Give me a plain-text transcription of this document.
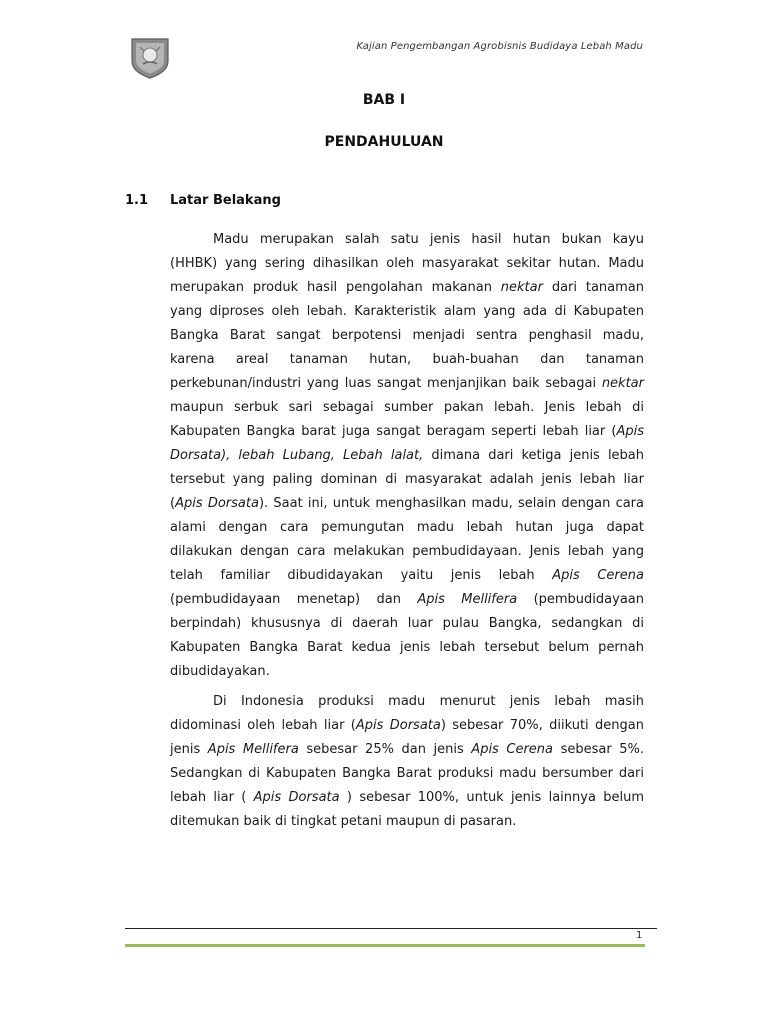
Kajian Pengembangan Agrobisnis Budidaya Lebah Madu
BAB I
PENDAHULUAN
1.1 Latar Belakang

Madu merupakan salah satu jenis hasil hutan bukan kayu
(HHBK) yang sering dihasilkan oleh masyarakat sekitar hutan. Madu
merupakan produk hasil pengolahan makanan nektar dari tanaman
yang diproses oleh lebah. Karakteristik alam yang ada di Kabupaten
Bangka Barat sangat berpotensi menjadi sentra penghasil madu,
karena areal tanaman hutan, buah-buahan dan tanaman
perkebunan/industri yang luas sangat menjanjikan baik sebagai nektar
maupun serbuk sari sebagai sumber pakan lebah. Jenis lebah di
Kabupaten Bangka barat juga sangat beragam seperti lebah liar (Apis
Dorsata), lebah Lubang, Lebah lalat, dimana dari ketiga jenis lebah
tersebut yang paling dominan di masyarakat adalah jenis lebah liar
(Apis Dorsata). Saat ini, untuk menghasilkan madu, selain dengan cara
alami dengan cara pemungutan madu lebah hutan juga dapat
dilakukan dengan cara melakukan pembudidayaan. Jenis lebah yang
telah familiar dibudidayakan yaitu jenis lebah Apis Cerena
(pembudidayaan menetap) dan Apis Mellifera (pembudidayaan
berpindah) khususnya di daerah luar pulau Bangka, sedangkan di
Kabupaten Bangka Barat kedua jenis lebah tersebut belum pernah
dibudidayakan.

Di Indonesia produksi madu menurut jenis lebah masih
didominasi oleh lebah liar (Apis Dorsata) sebesar 70%, diikuti dengan
jenis Apis Mellifera sebesar 25% dan jenis Apis Cerena sebesar 5%.
Sedangkan di Kabupaten Bangka Barat produksi madu bersumber dari
lebah liar ( Apis Dorsata ) sebesar 100%, untuk jenis lainnya belum
ditemukan baik di tingkat petani maupun di pasaran.

1
